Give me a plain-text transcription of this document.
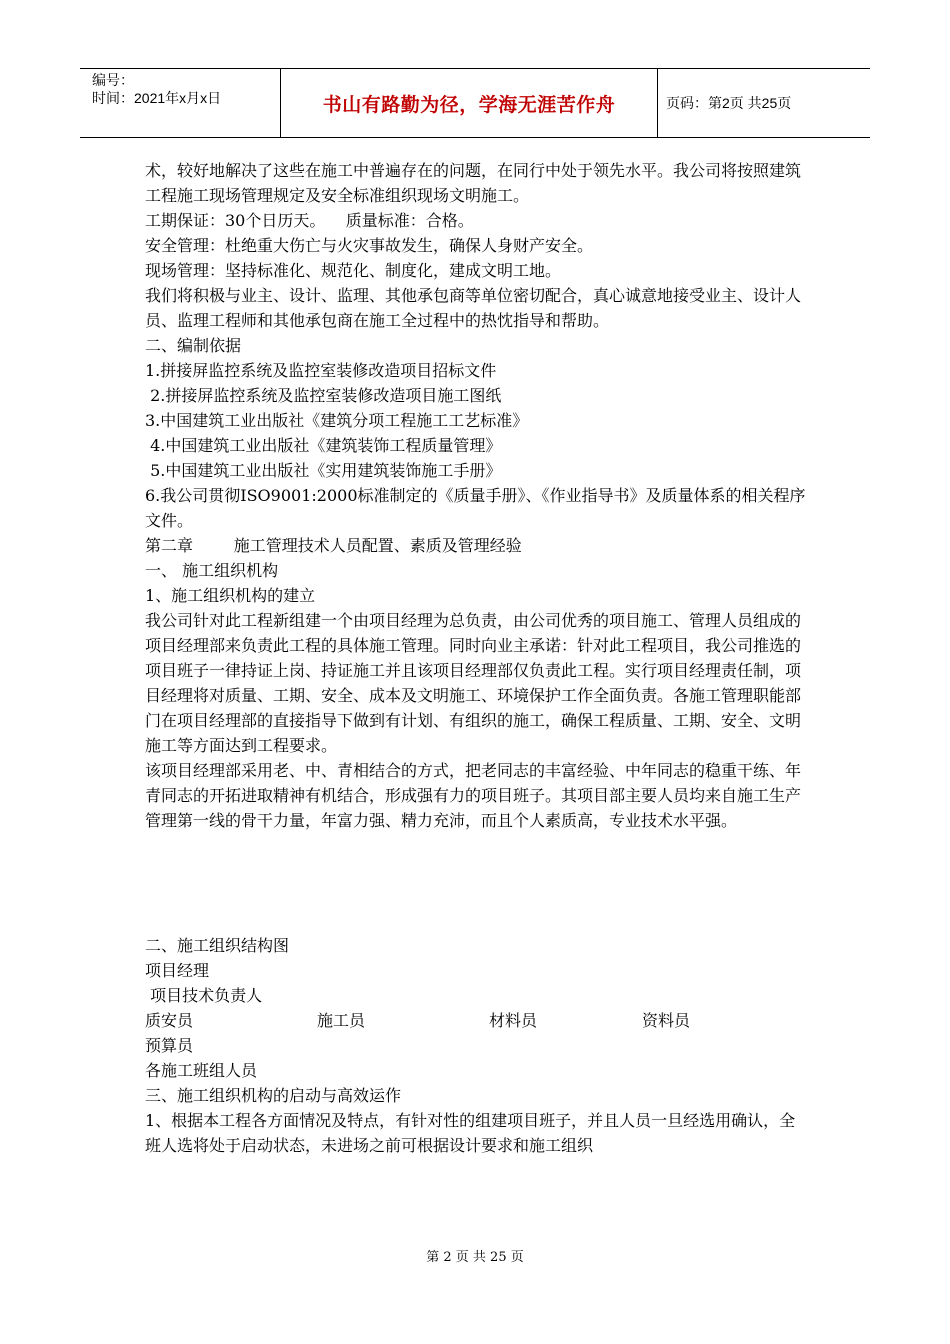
编号：
时间：2021年x月x日	书山有路勤为径，学海无涯苦作舟	页码：第2页 共25页

术，较好地解决了这些在施工中普遍存在的问题，在同行中处于领先水平。我公司将按照建筑工程施工现场管理规定及安全标准组织现场文明施工。

工期保证：30个日历天。    质量标准：合格。

安全管理：杜绝重大伤亡与火灾事故发生，确保人身财产安全。

现场管理：坚持标准化、规范化、制度化，建成文明工地。

我们将积极与业主、设计、监理、其他承包商等单位密切配合，真心诚意地接受业主、设计人员、监理工程师和其他承包商在施工全过程中的热忱指导和帮助。

二、编制依据

1.拼接屏监控系统及监控室装修改造项目招标文件

2.拼接屏监控系统及监控室装修改造项目施工图纸

3.中国建筑工业出版社《建筑分项工程施工工艺标准》

4.中国建筑工业出版社《建筑装饰工程质量管理》

5.中国建筑工业出版社《实用建筑装饰施工手册》

6.我公司贯彻ISO9001:2000标准制定的《质量手册》、《作业指导书》及质量体系的相关程序文件。

第二章        施工管理技术人员配置、素质及管理经验

一、 施工组织机构

1、施工组织机构的建立

我公司针对此工程新组建一个由项目经理为总负责，由公司优秀的项目施工、管理人员组成的项目经理部来负责此工程的具体施工管理。同时向业主承诺：针对此工程项目，我公司推选的项目班子一律持证上岗、持证施工并且该项目经理部仅负责此工程。实行项目经理责任制，项目经理将对质量、工期、安全、成本及文明施工、环境保护工作全面负责。各施工管理职能部门在项目经理部的直接指导下做到有计划、有组织的施工，确保工程质量、工期、安全、文明施工等方面达到工程要求。

该项目经理部采用老、中、青相结合的方式，把老同志的丰富经验、中年同志的稳重干练、年青同志的开拓进取精神有机结合，形成强有力的项目班子。其项目部主要人员均来自施工生产管理第一线的骨干力量，年富力强、精力充沛，而且个人素质高，专业技术水平强。

二、施工组织结构图

项目经理

项目技术负责人

质安员	施工员	材料员	资料员

预算员

各施工班组人员

三、施工组织机构的启动与高效运作

1、根据本工程各方面情况及特点，有针对性的组建项目班子，并且人员一旦经选用确认，全班人选将处于启动状态，未进场之前可根据设计要求和施工组织

第 2 页 共 25 页
